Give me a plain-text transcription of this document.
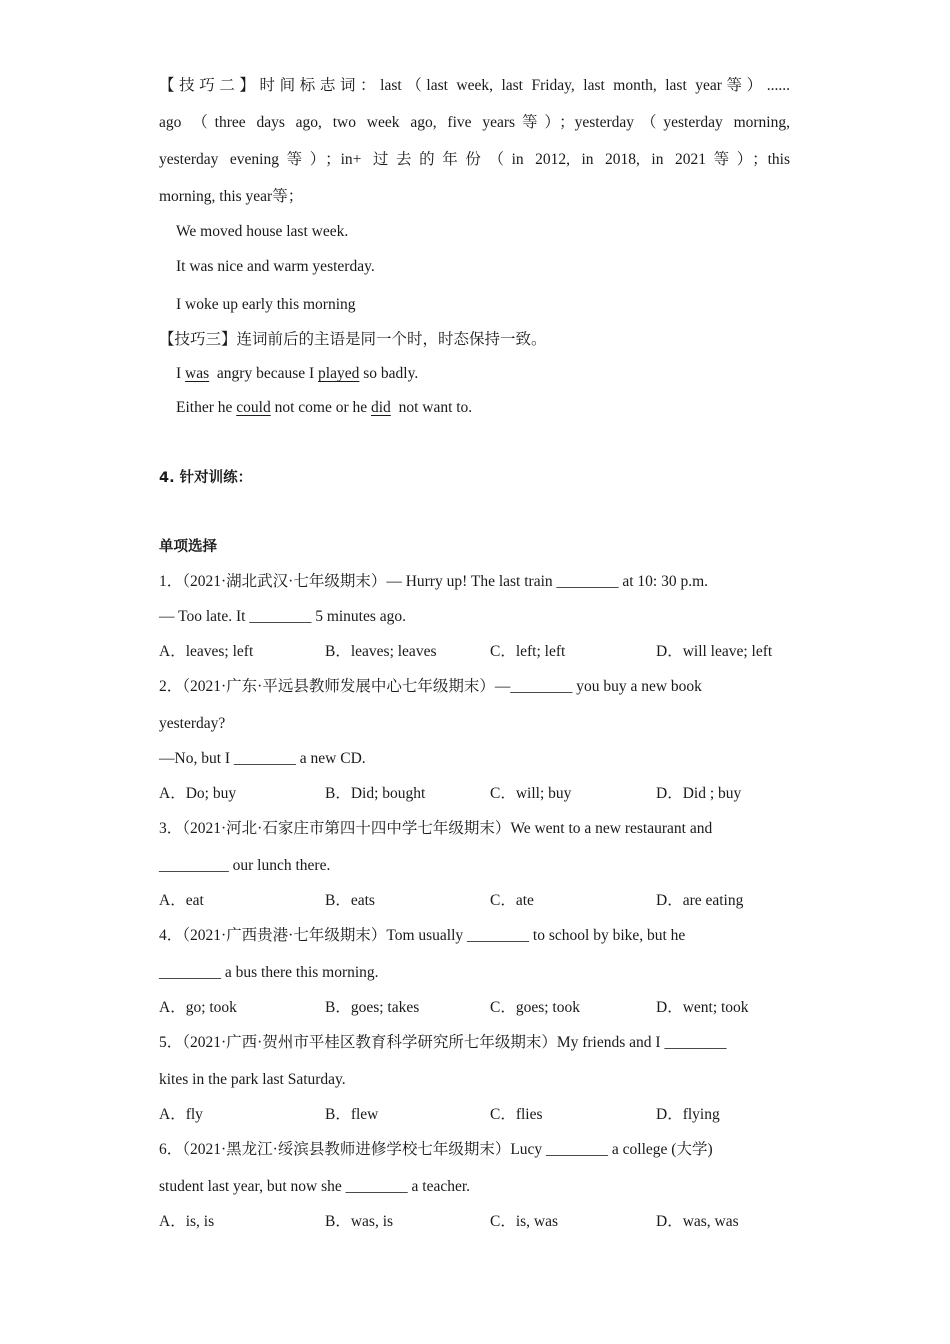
【技巧二】时间标志词：last（last week, last Friday, last month, last year等）......
ago （three days ago, two week ago, five years等）；yesterday（yesterday morning,
yesterday evening等）；in+ 过去的年份（in 2012, in 2018, in 2021等）；this
morning, this year等；
We moved house last week.
It was nice and warm yesterday.
I woke up early this morning
【技巧三】连词前后的主语是同一个时，时态保持一致。
I was  angry because I played so badly.
Either he could not come or he did  not want to.
4. 针对训练：
单项选择
1．（2021·湖北武汉·七年级期末）— Hurry up! The last train ________ at 10: 30 p.m.
— Too late. It ________ 5 minutes ago.
A．leaves; left	B．leaves; leaves	C．left; left	D．will leave; left
2．（2021·广东·平远县教师发展中心七年级期末）—________ you buy a new book
yesterday?
—No, but I ________ a new CD.
A．Do; buy	B．Did; bought	C．will; buy	D．Did ; buy
3．（2021·河北·石家庄市第四十四中学七年级期末）We went to a new restaurant and
_________ our lunch there.
A．eat	B．eats	C．ate	D．are eating
4．（2021·广西贵港·七年级期末）Tom usually ________ to school by bike, but he
________ a bus there this morning.
A．go; took	B．goes; takes	C．goes; took	D．went; took
5．（2021·广西·贺州市平桂区教育科学研究所七年级期末）My friends and I ________
kites in the park last Saturday.
A．fly	B．flew	C．flies	D．flying
6．（2021·黑龙江·绥滨县教师进修学校七年级期末）Lucy ________ a college (大学)
student last year, but now she ________ a teacher.
A．is, is	B．was, is	C．is, was	D．was, was
